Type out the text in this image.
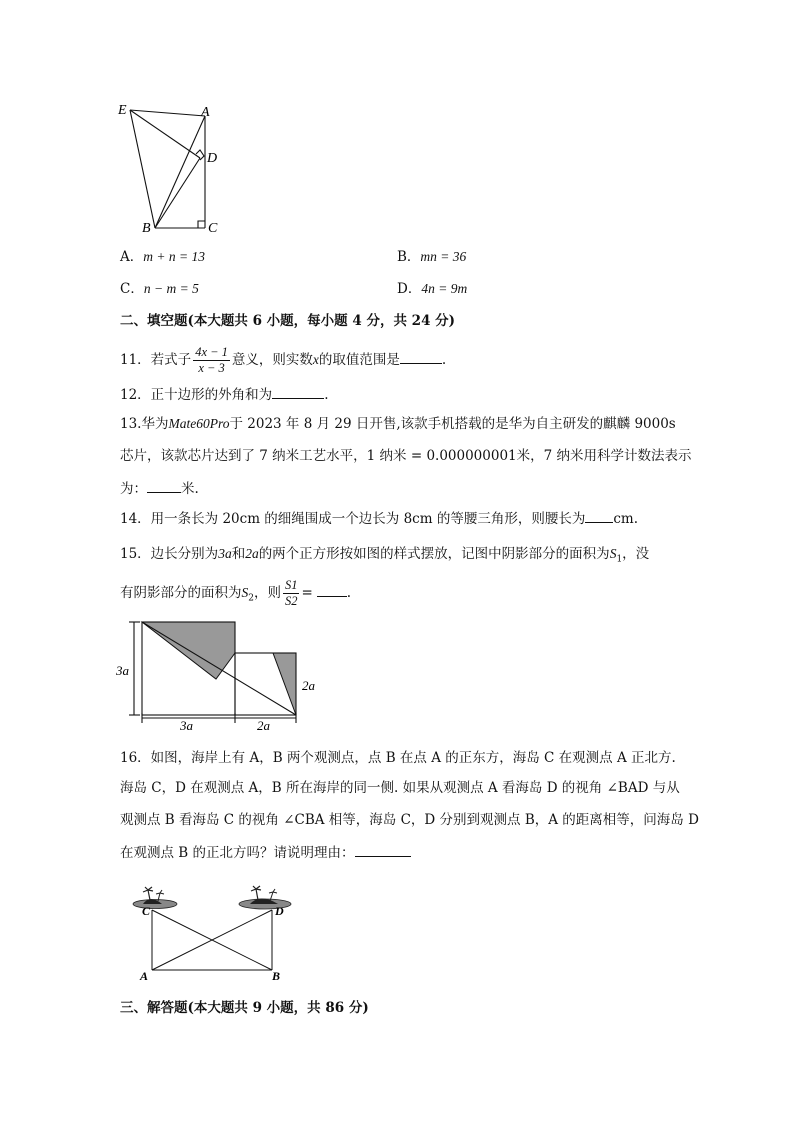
E	A
D
B	C
A．m + n = 13	B．mn = 36
C．n − m = 5	D．4n = 9m
二、填空题(本大题共 6 小题，每小题 4 分，共 24 分)
11．若式子 $\frac{4x - 1}{x - 3}$ 意义，则实数x的取值范围是	.
12．正十边形的外角和为	.
13.华为Mate60Pro于 2023 年 8 月 29 日开售,该款手机搭载的是华为自主研发的麒麟 9000s
芯片，该款芯片达到了 7 纳米工艺水平，1 纳米 = 0.000000001米，7 纳米用科学计数法表示
为：	米.
14．用一条长为 20cm 的细绳围成一个边长为 8cm 的等腰三角形，则腰长为 cm.
15．边长分别为3a和2a的两个正方形按如图的样式摆放，记图中阴影部分的面积为$S_1$，没
有阴影部分的面积为$S_2$，则 $\frac{S1}{S2}$ =	.
3a
2a
3a	2a
16．如图，海岸上有 A，B 两个观测点，点 B 在点 A 的正东方，海岛 C 在观测点 A 正北方.
海岛 C，D 在观测点 A，B 所在海岸的同一侧. 如果从观测点 A 看海岛 D 的视角 ∠BAD 与从
观测点 B 看海岛 C 的视角 ∠CBA 相等，海岛 C，D 分别到观测点 B，A 的距离相等，问海岛 D
在观测点 B 的正北方吗？请说明理由：
C	D
A	B
三、解答题(本大题共 9 小题，共 86 分)
